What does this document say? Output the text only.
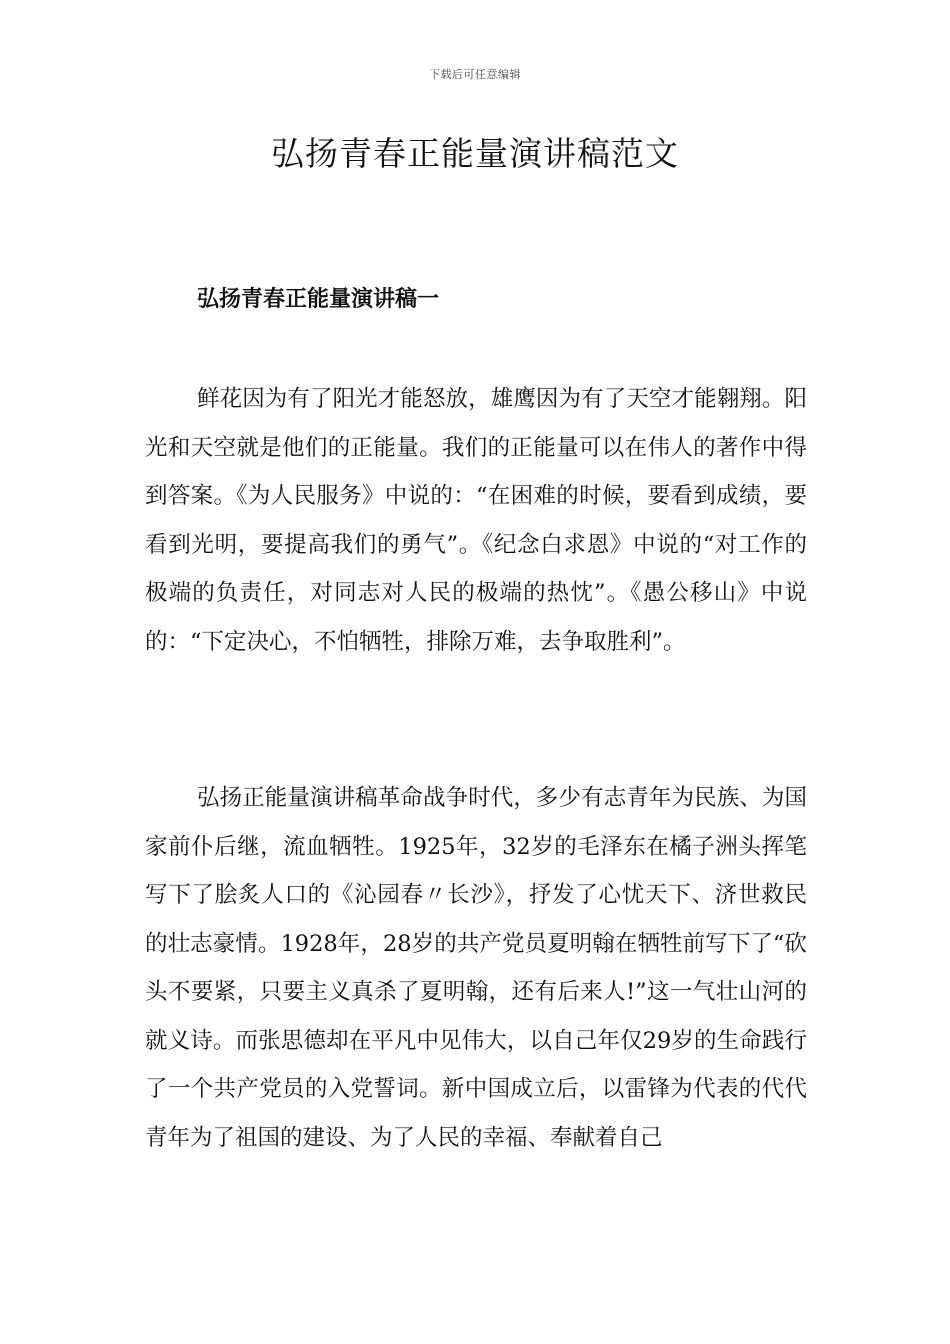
下载后可任意编辑
弘扬青春正能量演讲稿范文
弘扬青春正能量演讲稿一

鲜花因为有了阳光才能怒放，雄鹰因为有了天空才能翱翔。阳光和天空就是他们的正能量。我们的正能量可以在伟人的著作中得到答案。《为人民服务》中说的：“在困难的时候，要看到成绩，要看到光明，要提高我们的勇气”。《纪念白求恩》中说的“对工作的极端的负责任，对同志对人民的极端的热忱”。《愚公移山》中说的：“下定决心，不怕牺牲，排除万难，去争取胜利”。

弘扬正能量演讲稿革命战争时代，多少有志青年为民族、为国家前仆后继，流血牺牲。1925年，32岁的毛泽东在橘子洲头挥笔写下了脍炙人口的《沁园春〃长沙》，抒发了心忧天下、济世救民的壮志豪情。1928年，28岁的共产党员夏明翰在牺牲前写下了“砍头不要紧，只要主义真杀了夏明翰，还有后来人!”这一气壮山河的就义诗。而张思德却在平凡中见伟大，以自己年仅29岁的生命践行了一个共产党员的入党誓词。新中国成立后，以雷锋为代表的代代青年为了祖国的建设、为了人民的幸福、奉献着自己
